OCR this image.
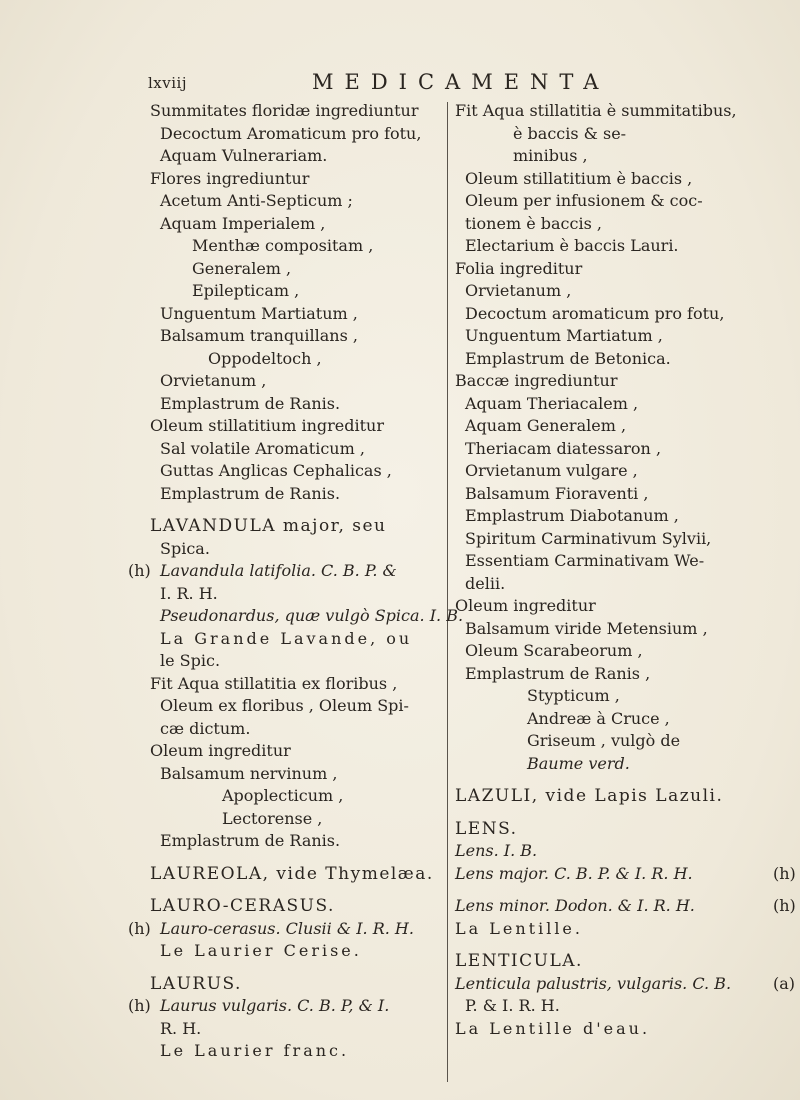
lxviij	MEDICAMENTA
Summitates floridæ ingrediuntur
Decoctum Aromaticum pro fotu,
Aquam Vulnerariam.
Flores ingrediuntur
Acetum Anti-Septicum ;
Aquam Imperialem ,
Menthæ compositam ,
Generalem ,
Epilepticam ,
Unguentum Martiatum ,
Balsamum tranquillans ,
Oppodeltoch ,
Orvietanum ,
Emplastrum de Ranis.
Oleum stillatitium ingreditur
Sal volatile Aromaticum ,
Guttas Anglicas Cephalicas ,
Emplastrum de Ranis.
LAVANDULA major, seu
Spica.
Lavandula latifolia. C. B. P. &
(h)
I. R. H.
Pseudonardus, quæ vulgò Spica. I. B.
La Grande Lavande, ou
le Spic.
Fit Aqua stillatitia ex floribus ,
Oleum ex floribus , Oleum Spi-
cæ dictum.
Oleum ingreditur
Balsamum nervinum ,
Apoplecticum ,
Lectorense ,
Emplastrum de Ranis.
LAUREOLA, vide Thymelæa.
LAURO-CERASUS.
Lauro-cerasus. Clusii & I. R. H.
(h)
Le Laurier Cerise.
LAURUS.
Laurus vulgaris. C. B. P, & I.
(h)
R. H.
Le Laurier franc.
Fit Aqua stillatitia è summitatibus,
è baccis & se-
minibus ,
Oleum stillatitium è baccis ,
Oleum per infusionem & coc-
tionem è baccis ,
Electarium è baccis Lauri.
Folia ingreditur
Orvietanum ,
Decoctum aromaticum pro fotu,
Unguentum Martiatum ,
Emplastrum de Betonica.
Baccæ ingrediuntur
Aquam Theriacalem ,
Aquam Generalem ,
Theriacam diatessaron ,
Orvietanum vulgare ,
Balsamum Fioraventi ,
Emplastrum Diabotanum ,
Spiritum Carminativum Sylvii,
Essentiam Carminativam We-
delii.
Oleum ingreditur
Balsamum viride Metensium ,
Oleum Scarabeorum ,
Emplastrum de Ranis ,
Stypticum ,
Andreæ à Cruce ,
Griseum , vulgò de
Baume verd.
LAZULI, vide Lapis Lazuli.
LENS.
Lens. I. B.
Lens major. C. B. P. & I. R. H.	(h)
Lens minor. Dodon. & I. R. H.	(h)
La Lentille.
LENTICULA.
Lenticula palustris, vulgaris. C. B.	(a)
P. & I. R. H.
La Lentille d'eau.
